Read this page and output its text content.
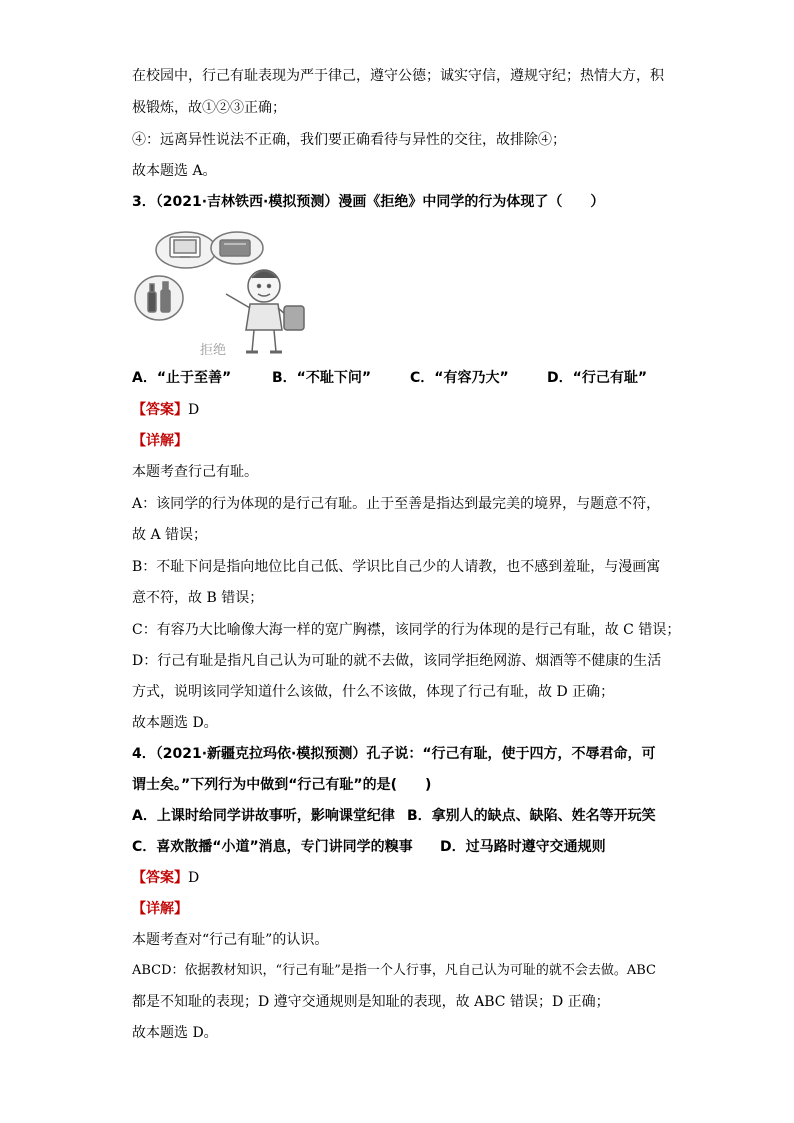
在校园中，行己有耻表现为严于律己，遵守公德；诚实守信，遵规守纪；热情大方，积
极锻炼，故①②③正确；
④：远离异性说法不正确，我们要正确看待与异性的交往，故排除④；
故本题选 A。
3．（2021·吉林铁西·模拟预测）漫画《拒绝》中同学的行为体现了（　　）
拒绝
A．“止于至善”	B．“不耻下问”	C．“有容乃大”	D．“行己有耻”
【答案】D
【详解】
本题考查行己有耻。
A：该同学的行为体现的是行己有耻。止于至善是指达到最完美的境界，与题意不符，
故 A 错误；
B：不耻下问是指向地位比自己低、学识比自己少的人请教，也不感到羞耻，与漫画寓
意不符，故 B 错误；
C：有容乃大比喻像大海一样的宽广胸襟，该同学的行为体现的是行己有耻，故 C 错误；
D：行己有耻是指凡自己认为可耻的就不去做，该同学拒绝网游、烟酒等不健康的生活
方式，说明该同学知道什么该做，什么不该做，体现了行己有耻，故 D 正确；
故本题选 D。
4．（2021·新疆克拉玛依·模拟预测）孔子说：“行己有耻，使于四方，不辱君命，可
谓士矣。”下列行为中做到“行己有耻”的是(　　)
A．上课时给同学讲故事听，影响课堂纪律 B．拿别人的缺点、缺陷、姓名等开玩笑
C．喜欢散播“小道”消息，专门讲同学的糗事 D．过马路时遵守交通规则
【答案】D
【详解】
本题考查对“行己有耻”的认识。
ABCD：依据教材知识，“行己有耻”是指一个人行事，凡自己认为可耻的就不会去做。ABC
都是不知耻的表现；D 遵守交通规则是知耻的表现，故 ABC 错误；D 正确；
故本题选 D。
